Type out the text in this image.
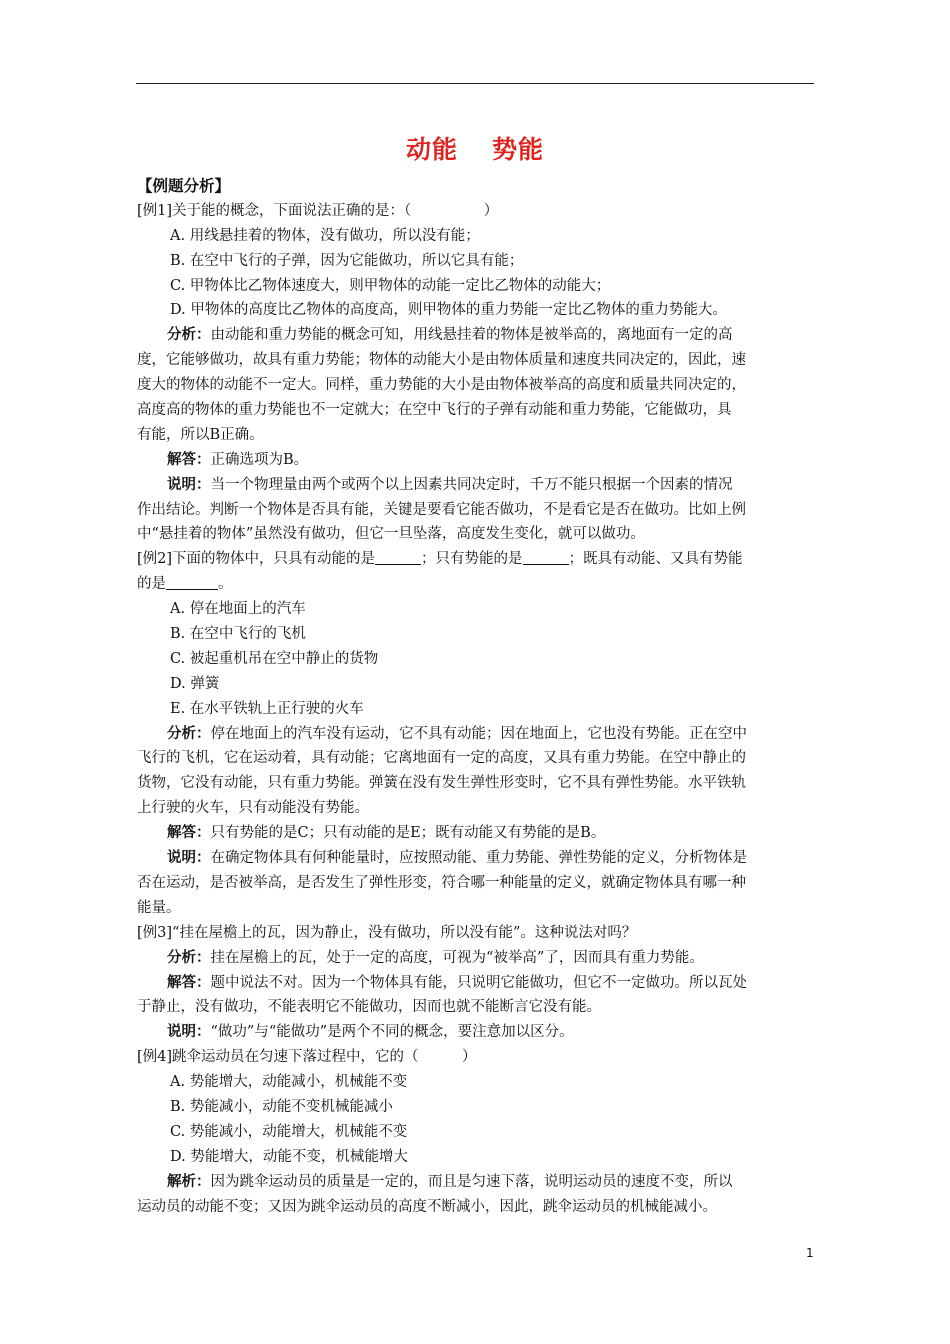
动能 势能
【例题分析】
[例1]关于能的概念，下面说法正确的是：（　　　　　）
A. 用线悬挂着的物体，没有做功，所以没有能；
B. 在空中飞行的子弹，因为它能做功，所以它具有能；
C. 甲物体比乙物体速度大，则甲物体的动能一定比乙物体的动能大；
D. 甲物体的高度比乙物体的高度高，则甲物体的重力势能一定比乙物体的重力势能大。
分析：由动能和重力势能的概念可知，用线悬挂着的物体是被举高的，离地面有一定的高
度，它能够做功，故具有重力势能；物体的动能大小是由物体质量和速度共同决定的，因此，速
度大的物体的动能不一定大。同样，重力势能的大小是由物体被举高的高度和质量共同决定的，
高度高的物体的重力势能也不一定就大；在空中飞行的子弹有动能和重力势能，它能做功，具
有能，所以B正确。
解答：正确选项为B。
说明：当一个物理量由两个或两个以上因素共同决定时，千万不能只根据一个因素的情况
作出结论。判断一个物体是否具有能，关键是要看它能否做功，不是看它是否在做功。比如上例
中“悬挂着的物体”虽然没有做功，但它一旦坠落，高度发生变化，就可以做功。
[例2]下面的物体中，只具有动能的是	；只有势能的是	；既具有动能、又具有势能
的是	。
A. 停在地面上的汽车
B. 在空中飞行的飞机
C. 被起重机吊在空中静止的货物
D. 弹簧
E. 在水平铁轨上正行驶的火车
分析：停在地面上的汽车没有运动，它不具有动能；因在地面上，它也没有势能。正在空中
飞行的飞机，它在运动着，具有动能；它离地面有一定的高度，又具有重力势能。在空中静止的
货物，它没有动能，只有重力势能。弹簧在没有发生弹性形变时，它不具有弹性势能。水平铁轨
上行驶的火车，只有动能没有势能。
解答：只有势能的是C；只有动能的是E；既有动能又有势能的是B。
说明：在确定物体具有何种能量时，应按照动能、重力势能、弹性势能的定义，分析物体是
否在运动，是否被举高，是否发生了弹性形变，符合哪一种能量的定义，就确定物体具有哪一种
能量。
[例3]“挂在屋檐上的瓦，因为静止，没有做功，所以没有能”。这种说法对吗？
分析：挂在屋檐上的瓦，处于一定的高度，可视为“被举高”了，因而具有重力势能。
解答：题中说法不对。因为一个物体具有能，只说明它能做功，但它不一定做功。所以瓦处
于静止，没有做功，不能表明它不能做功，因而也就不能断言它没有能。
说明：“做功”与“能做功”是两个不同的概念，要注意加以区分。
[例4]跳伞运动员在匀速下落过程中，它的（　　　）
A. 势能增大，动能减小，机械能不变
B. 势能减小，动能不变机械能减小
C. 势能减小，动能增大，机械能不变
D. 势能增大，动能不变，机械能增大
解析：因为跳伞运动员的质量是一定的，而且是匀速下落，说明运动员的速度不变，所以
运动员的动能不变；又因为跳伞运动员的高度不断减小，因此，跳伞运动员的机械能减小。
1
